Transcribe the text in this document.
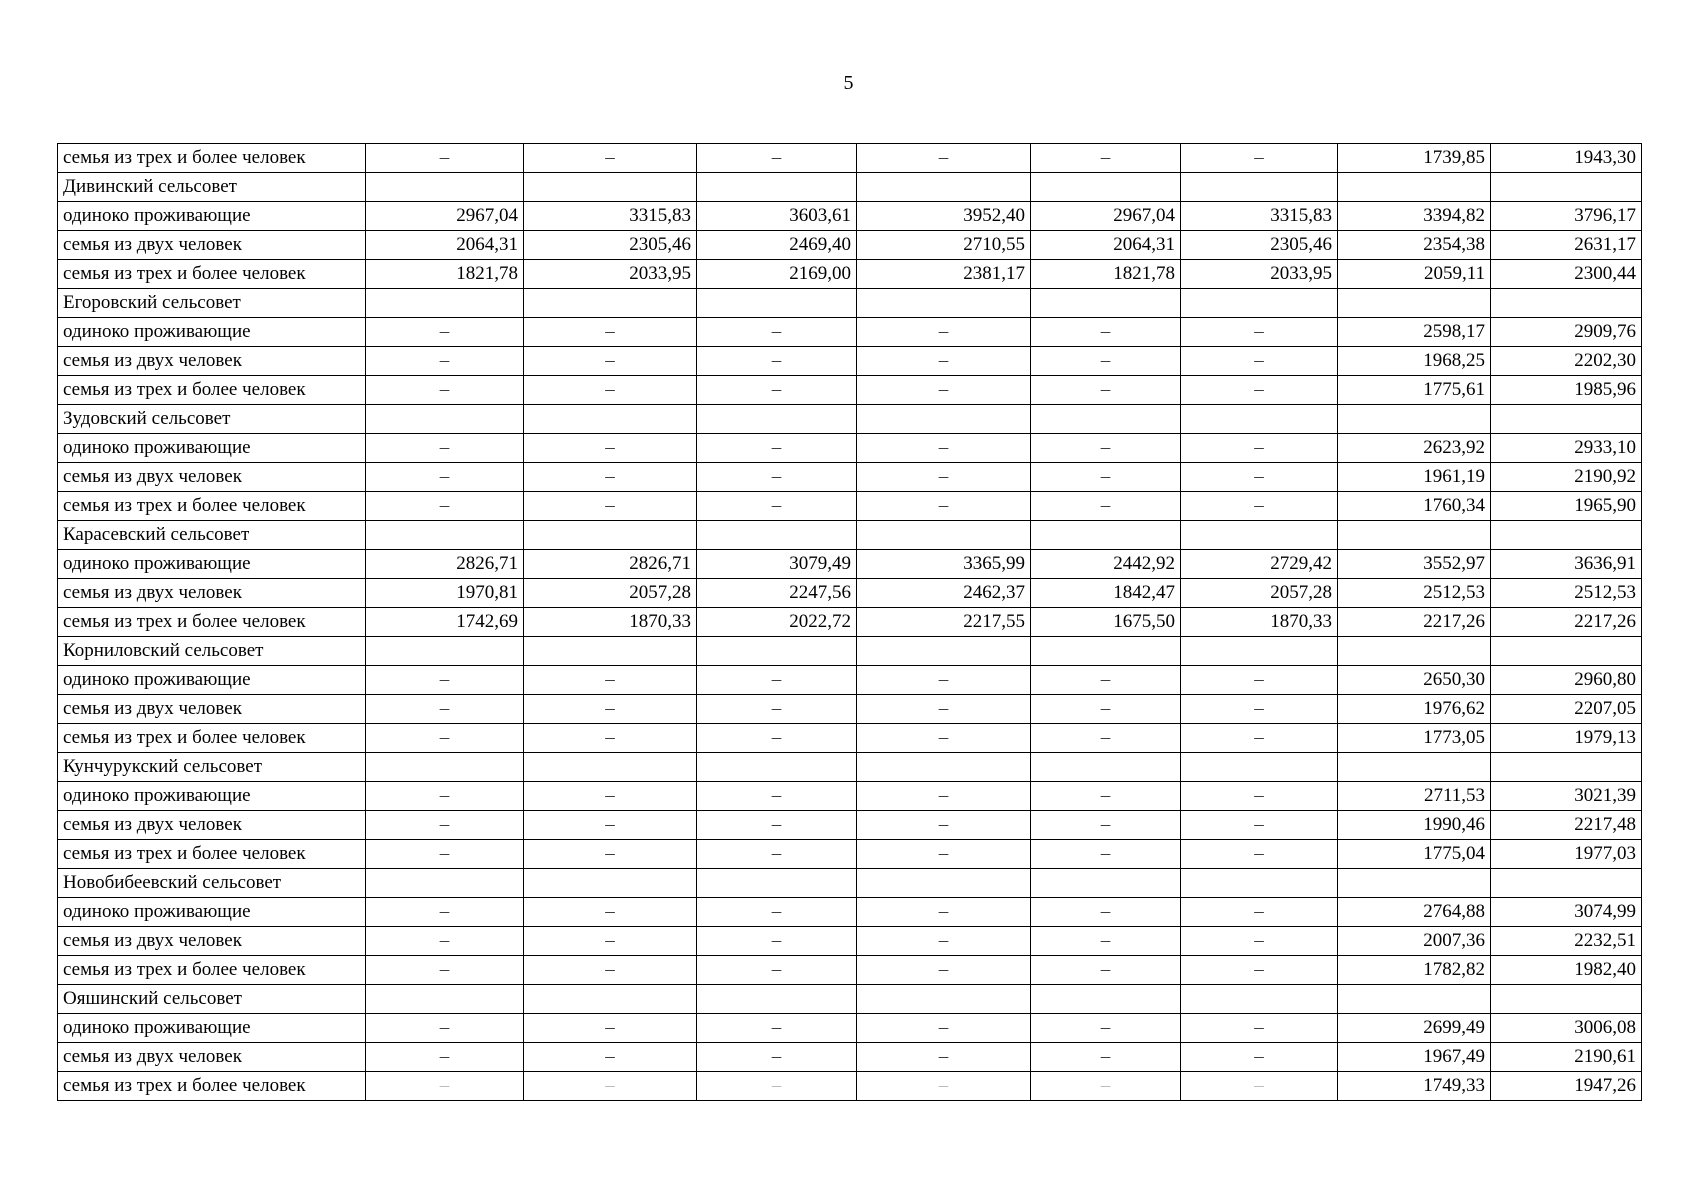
5
семья из трех и более человек	–	–	–	–	–	–	1739,85	1943,30
Дивинский сельсовет								
одиноко проживающие	2967,04	3315,83	3603,61	3952,40	2967,04	3315,83	3394,82	3796,17
семья из двух человек	2064,31	2305,46	2469,40	2710,55	2064,31	2305,46	2354,38	2631,17
семья из трех и более человек	1821,78	2033,95	2169,00	2381,17	1821,78	2033,95	2059,11	2300,44
Егоровский сельсовет								
одиноко проживающие	–	–	–	–	–	–	2598,17	2909,76
семья из двух человек	–	–	–	–	–	–	1968,25	2202,30
семья из трех и более человек	–	–	–	–	–	–	1775,61	1985,96
Зудовский сельсовет								
одиноко проживающие	–	–	–	–	–	–	2623,92	2933,10
семья из двух человек	–	–	–	–	–	–	1961,19	2190,92
семья из трех и более человек	–	–	–	–	–	–	1760,34	1965,90
Карасевский сельсовет								
одиноко проживающие	2826,71	2826,71	3079,49	3365,99	2442,92	2729,42	3552,97	3636,91
семья из двух человек	1970,81	2057,28	2247,56	2462,37	1842,47	2057,28	2512,53	2512,53
семья из трех и более человек	1742,69	1870,33	2022,72	2217,55	1675,50	1870,33	2217,26	2217,26
Корниловский сельсовет								
одиноко проживающие	–	–	–	–	–	–	2650,30	2960,80
семья из двух человек	–	–	–	–	–	–	1976,62	2207,05
семья из трех и более человек	–	–	–	–	–	–	1773,05	1979,13
Кунчурукский сельсовет								
одиноко проживающие	–	–	–	–	–	–	2711,53	3021,39
семья из двух человек	–	–	–	–	–	–	1990,46	2217,48
семья из трех и более человек	–	–	–	–	–	–	1775,04	1977,03
Новобибеевский сельсовет								
одиноко проживающие	–	–	–	–	–	–	2764,88	3074,99
семья из двух человек	–	–	–	–	–	–	2007,36	2232,51
семья из трех и более человек	–	–	–	–	–	–	1782,82	1982,40
Ояшинский сельсовет								
одиноко проживающие	–	–	–	–	–	–	2699,49	3006,08
семья из двух человек	–	–	–	–	–	–	1967,49	2190,61
семья из трех и более человек	–	–	–	–	–	–	1749,33	1947,26
